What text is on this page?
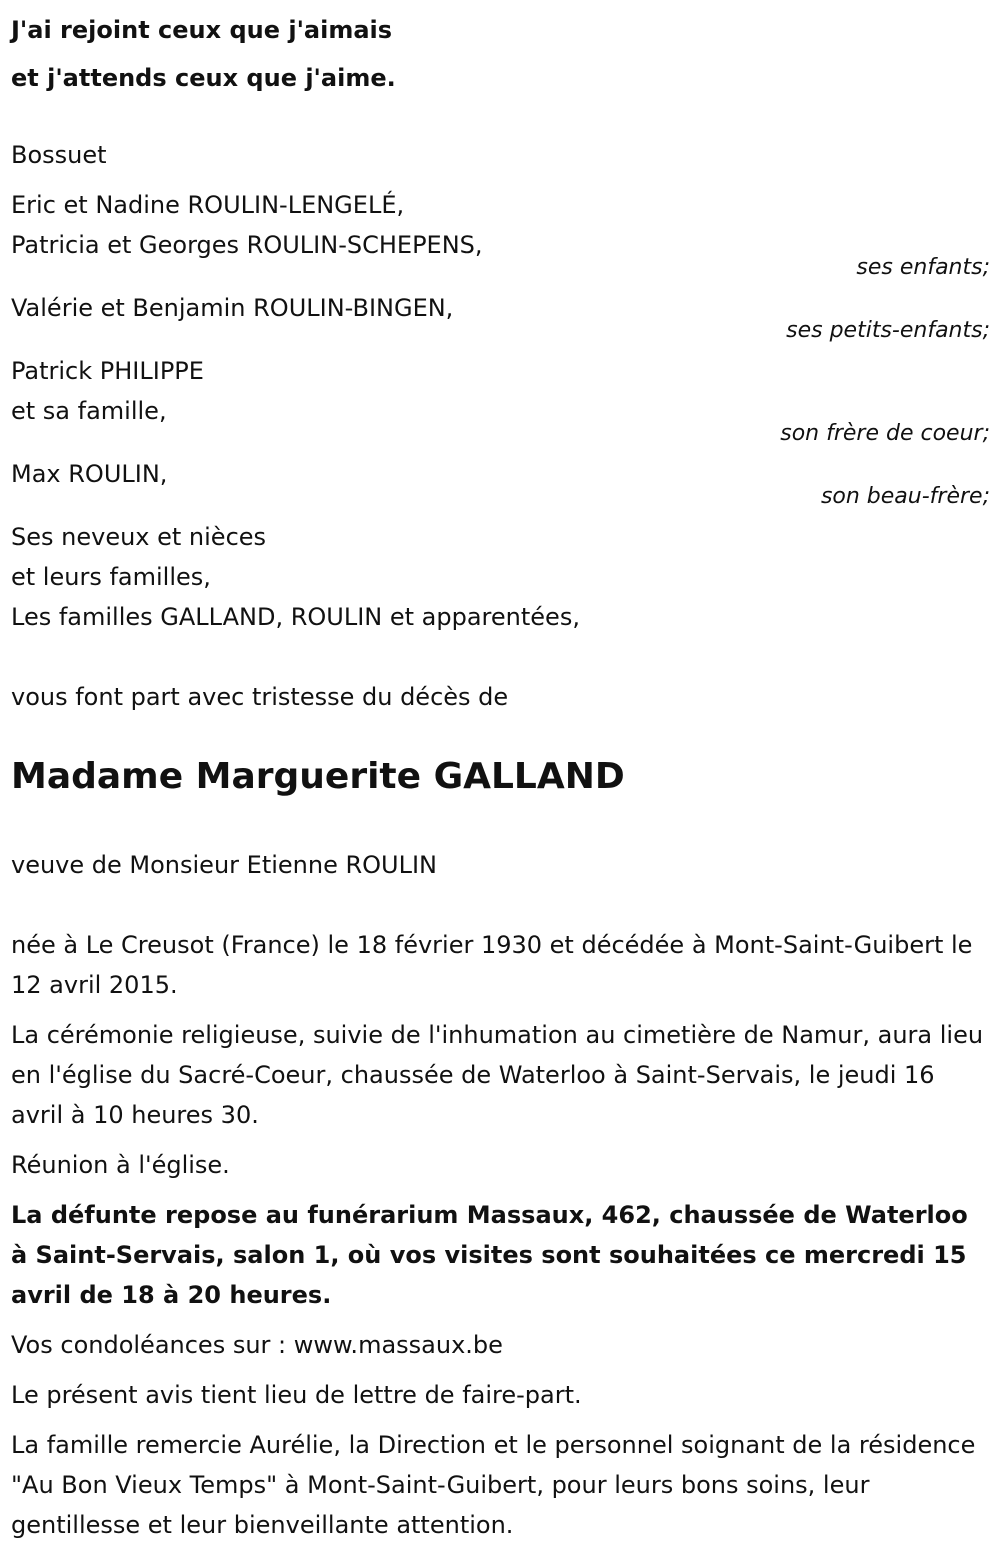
J'ai rejoint ceux que j'aimais

et j'attends ceux que j'aime.

Bossuet

Eric et Nadine ROULIN-LENGELÉ,

Patricia et Georges ROULIN-SCHEPENS,

ses enfants;
Valérie et Benjamin ROULIN-BINGEN,
ses petits-enfants;

Patrick PHILIPPE

et sa famille,

son frère de coeur;
Max ROULIN,
son beau-frère;

Ses neveux et nièces

et leurs familles,

Les familles GALLAND, ROULIN et apparentées,

vous font part avec tristesse du décès de
Madame Marguerite GALLAND
veuve de Monsieur Etienne ROULIN

née à Le Creusot (France) le 18 février 1930 et décédée à Mont-Saint-Guibert le 12 avril 2015.

La cérémonie religieuse, suivie de l'inhumation au cimetière de Namur, aura lieu en l'église du Sacré-Coeur, chaussée de Waterloo à Saint-Servais, le jeudi 16 avril à 10 heures 30.

Réunion à l'église.

La défunte repose au funérarium Massaux, 462, chaussée de Waterloo à Saint-Servais, salon 1, où vos visites sont souhaitées ce mercredi 15 avril de 18 à 20 heures.

Vos condoléances sur : www.massaux.be

Le présent avis tient lieu de lettre de faire-part.

La famille remercie Aurélie, la Direction et le personnel soignant de la résidence "Au Bon Vieux Temps" à Mont-Saint-Guibert, pour leurs bons soins, leur gentillesse et leur bienveillante attention.
